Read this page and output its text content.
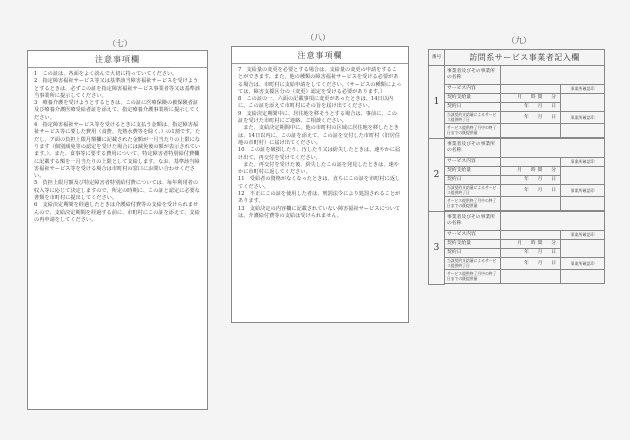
（七）
（八）	（九）
注意事項欄

1　この証は、各面をよく読んで大切に持っていてください。

2　指定障害福祉サービス等又は基準該当障害福祉サービスを受けようとするときは、必ずこの証を指定障害福祉サービス事業者等又は基準該当事業所に提示してください。

3　療養介護を受けようとするときは、この証に医療保険の被保険者証及び療養介護医療受給者証を添えて、指定療養介護事業所に提示してください。

4　指定障害福祉サービス等を受けるときに支払う金額は、指定障害福祉サービス等に要した費用（食費、光熱水費等を除く。）の1割です。ただし、ア面の負担上限月額欄に記載された金額が一月当たりの上限になります（個別減免等の認定を受けた場合には減免後の額が表示されています。）。また、食事等に要する費用について、特定障害者特別給付費欄に記載する額を一月当たりの上限として支給します。なお、基準該当障害福祉サービス等を受ける場合は市町村の窓口にお問い合わせください。

5　負担上限月額及び特定障害者特別給付費については、毎年利用者の収入等に応じて決定しますので、所定の時期に、この証と認定に必要な書類を市町村に提出してください。

6　支給決定期間を経過したときは介護給付費等の支給を受けられませんので、支給決定期間を経過する前に、市町村にこの証を添えて、支給の再申請をしてください。

注意事項欄

7　支給量の変更を必要とする場合は、支給量の変更の申請をすることができます。また、他の種類の障害福祉サービスを受ける必要がある場合は、市町村に支給申請をしてください。（サービスの種類によっては、障害支援区分の（変更）認定を受ける必要があります。）

8　この証の一、六面の記載事項に変更があったときは、14日以内に、この証を添えて市町村にその旨を届け出てください。

9　支給決定期間中に、居住地を移そうとする場合は、事前に、この証を受けた市町村にご連絡、ご相談ください。

　また、支給決定期間中に、他の市町村の区域に居住地を移したときは、14日以内に、この証を添えて、この証を交付した市町村（旧居住地の市町村）に届け出てください。

10　この証を破損したり、汚したり又は紛失したときは、速やかに届け出て、再交付を受けてください。

　また、再交付を受けた後、紛失したこの証を発見したときは、速やかに市町村に返してください。

11　受給者の資格がなくなったときは、直ちにこの証を市町村に返してください。

12　不正にこの証を使用した者は、刑罰法令により処罰されることがあります。

13　支給決定の内容欄に記載されていない障害福祉サービスについては、介護給付費等の支給は受けられません。

番号	訪問系サービス事業者記入欄		
1	事業者及びその事業所の名称		
	サービス内容		事業所確認印
	契約支給量	月　時間　分	
	契約日	年　月　日	
	当該契約支給量によるサービス提供終了日	年　月　日	事業所確認印
	サービス提供終了月中の終了日までの既提供量		

2	事業者及びその事業所の名称		
	サービス内容		事業所確認印
	契約支給量	月　時間　分	
	契約日	年　月　日	
	当該契約支給量によるサービス提供終了日	年　月　日	事業所確認印
	サービス提供終了月中の終了日までの既提供量		

3	事業者及びその事業所の名称		
	サービス内容		事業所確認印
	契約支給量	月　時間　分	
	契約日	年　月　日	
	当該契約支給量によるサービス提供終了日	年　月　日	事業所確認印
	サービス提供終了月中の終了日までの既提供量		
